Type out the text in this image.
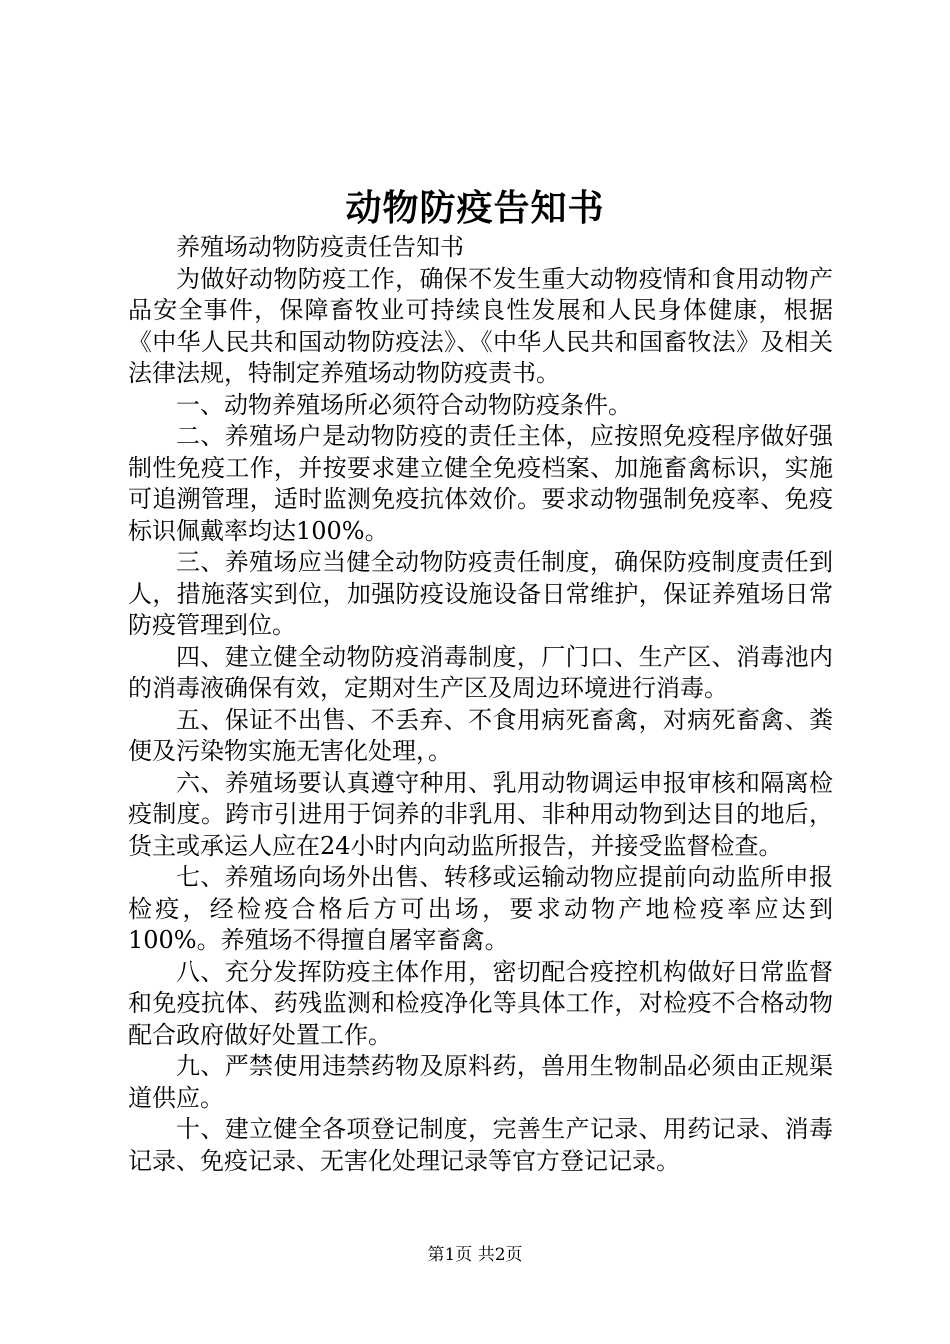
动物防疫告知书

养殖场动物防疫责任告知书

为做好动物防疫工作，确保不发生重大动物疫情和食用动物产品安全事件，保障畜牧业可持续良性发展和人民身体健康，根据《中华人民共和国动物防疫法》、《中华人民共和国畜牧法》及相关法律法规，特制定养殖场动物防疫责书。

一、动物养殖场所必须符合动物防疫条件。

二、养殖场户是动物防疫的责任主体，应按照免疫程序做好强制性免疫工作，并按要求建立健全免疫档案、加施畜禽标识，实施可追溯管理，适时监测免疫抗体效价。要求动物强制免疫率、免疫标识佩戴率均达100%。

三、养殖场应当健全动物防疫责任制度，确保防疫制度责任到人，措施落实到位，加强防疫设施设备日常维护，保证养殖场日常防疫管理到位。

四、建立健全动物防疫消毒制度，厂门口、生产区、消毒池内的消毒液确保有效，定期对生产区及周边环境进行消毒。

五、保证不出售、不丢弃、不食用病死畜禽，对病死畜禽、粪便及污染物实施无害化处理，。

六、养殖场要认真遵守种用、乳用动物调运申报审核和隔离检疫制度。跨市引进用于饲养的非乳用、非种用动物到达目的地后，货主或承运人应在24小时内向动监所报告，并接受监督检查。

七、养殖场向场外出售、转移或运输动物应提前向动监所申报检疫，经检疫合格后方可出场，要求动物产地检疫率应达到100%。养殖场不得擅自屠宰畜禽。

八、充分发挥防疫主体作用，密切配合疫控机构做好日常监督和免疫抗体、药残监测和检疫净化等具体工作，对检疫不合格动物配合政府做好处置工作。

九、严禁使用违禁药物及原料药，兽用生物制品必须由正规渠道供应。

十、建立健全各项登记制度，完善生产记录、用药记录、消毒记录、免疫记录、无害化处理记录等官方登记记录。

第1页 共2页
